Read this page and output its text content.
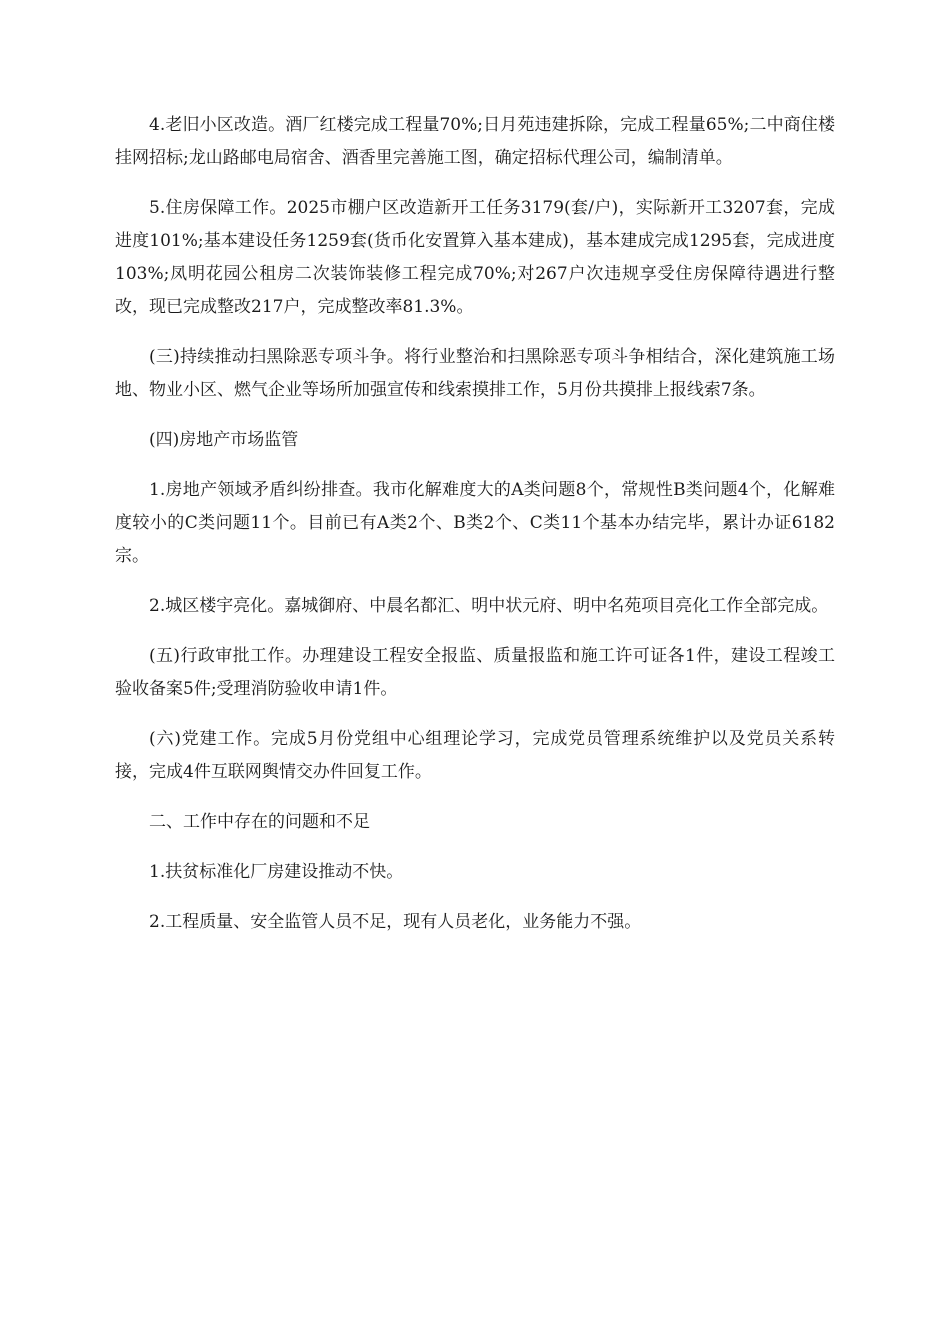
4.老旧小区改造。酒厂红楼完成工程量70%;日月苑违建拆除，完成工程量65%;二中商住楼挂网招标;龙山路邮电局宿舍、酒香里完善施工图，确定招标代理公司，编制清单。

5.住房保障工作。2025市棚户区改造新开工任务3179(套/户)，实际新开工3207套，完成进度101%;基本建设任务1259套(货币化安置算入基本建成)，基本建成完成1295套，完成进度103%;凤明花园公租房二次装饰装修工程完成70%;对267户次违规享受住房保障待遇进行整改，现已完成整改217户，完成整改率81.3%。

(三)持续推动扫黑除恶专项斗争。将行业整治和扫黑除恶专项斗争相结合，深化建筑施工场地、物业小区、燃气企业等场所加强宣传和线索摸排工作，5月份共摸排上报线索7条。

(四)房地产市场监管

1.房地产领域矛盾纠纷排查。我市化解难度大的A类问题8个，常规性B类问题4个，化解难度较小的C类问题11个。目前已有A类2个、B类2个、C类11个基本办结完毕，累计办证6182宗。

2.城区楼宇亮化。嘉城御府、中晨名都汇、明中状元府、明中名苑项目亮化工作全部完成。

(五)行政审批工作。办理建设工程安全报监、质量报监和施工许可证各1件，建设工程竣工验收备案5件;受理消防验收申请1件。

(六)党建工作。完成5月份党组中心组理论学习，完成党员管理系统维护以及党员关系转接，完成4件互联网舆情交办件回复工作。

二、工作中存在的问题和不足

1.扶贫标准化厂房建设推动不快。

2.工程质量、安全监管人员不足，现有人员老化，业务能力不强。
